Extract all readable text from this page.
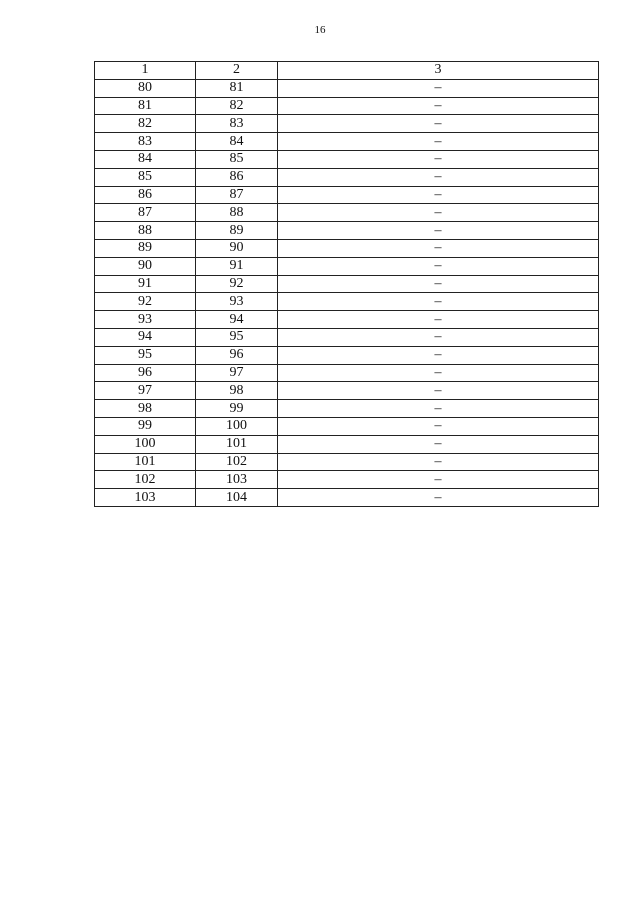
16
1	2	3
80	81	–
81	82	–
82	83	–
83	84	–
84	85	–
85	86	–
86	87	–
87	88	–
88	89	–
89	90	–
90	91	–
91	92	–
92	93	–
93	94	–
94	95	–
95	96	–
96	97	–
97	98	–
98	99	–
99	100	–
100	101	–
101	102	–
102	103	–
103	104	–
